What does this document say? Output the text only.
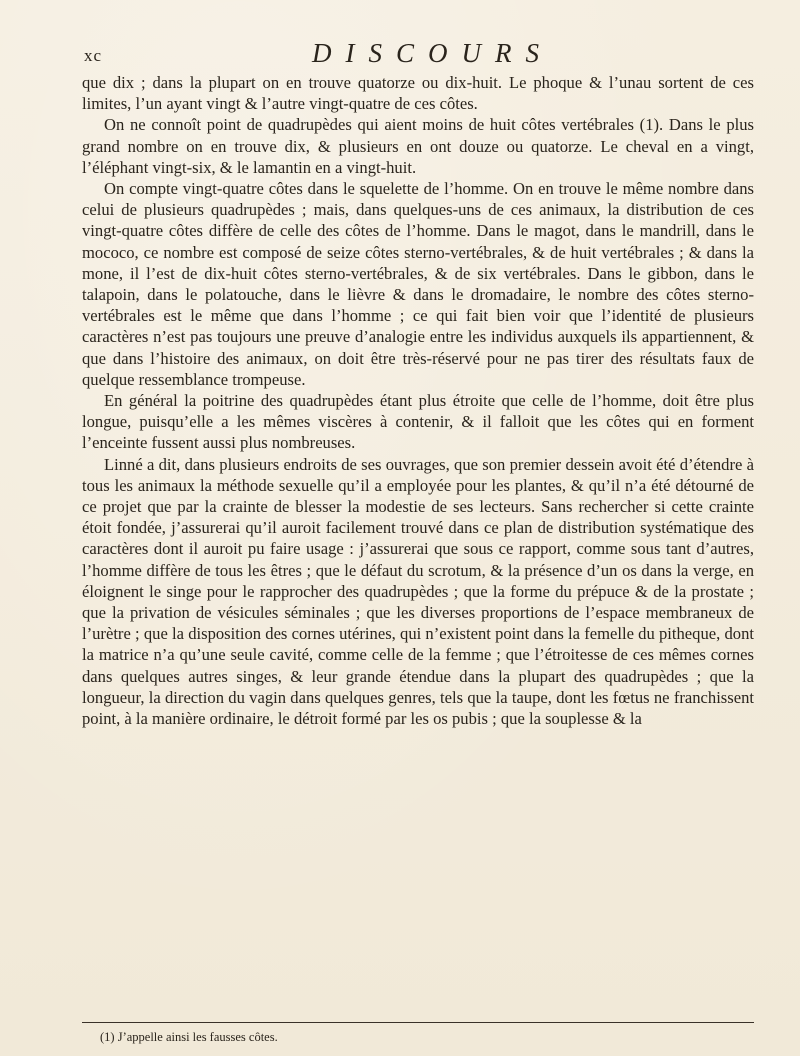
xc	DISCOURS

que dix ; dans la plupart on en trouve quatorze ou dix-huit. Le phoque & l’unau sortent de ces limites, l’un ayant vingt & l’autre vingt-quatre de ces côtes.

On ne connoît point de quadrupèdes qui aient moins de huit côtes vertébrales (1). Dans le plus grand nombre on en trouve dix, & plusieurs en ont douze ou quatorze. Le cheval en a vingt, l’éléphant vingt-six, & le lamantin en a vingt-huit.

On compte vingt-quatre côtes dans le squelette de l’homme. On en trouve le même nombre dans celui de plusieurs quadrupèdes ; mais, dans quelques-uns de ces animaux, la distribution de ces vingt-quatre côtes diffère de celle des côtes de l’homme. Dans le magot, dans le mandrill, dans le mococo, ce nombre est composé de seize côtes sterno-vertébrales, & de huit vertébrales ; & dans la mone, il l’est de dix-huit côtes sterno-vertébrales, & de six vertébrales. Dans le gibbon, dans le talapoin, dans le polatouche, dans le lièvre & dans le dromadaire, le nombre des côtes sterno-vertébrales est le même que dans l’homme ; ce qui fait bien voir que l’identité de plusieurs caractères n’est pas toujours une preuve d’analogie entre les individus auxquels ils appartiennent, & que dans l’histoire des animaux, on doit être très-réservé pour ne pas tirer des résultats faux de quelque ressemblance trompeuse.

En général la poitrine des quadrupèdes étant plus étroite que celle de l’homme, doit être plus longue, puisqu’elle a les mêmes viscères à contenir, & il falloit que les côtes qui en forment l’enceinte fussent aussi plus nombreuses.

Linné a dit, dans plusieurs endroits de ses ouvrages, que son premier dessein avoit été d’étendre à tous les animaux la méthode sexuelle qu’il a employée pour les plantes, & qu’il n’a été détourné de ce projet que par la crainte de blesser la modestie de ses lecteurs. Sans rechercher si cette crainte étoit fondée, j’assurerai qu’il auroit facilement trouvé dans ce plan de distribution systématique des caractères dont il auroit pu faire usage : j’assurerai que sous ce rapport, comme sous tant d’autres, l’homme diffère de tous les êtres ; que le défaut du scrotum, & la présence d’un os dans la verge, en éloignent le singe pour le rapprocher des quadrupèdes ; que la forme du prépuce & de la prostate ; que la privation de vésicules séminales ; que les diverses proportions de l’espace membraneux de l’urètre ; que la disposition des cornes utérines, qui n’existent point dans la femelle du pitheque, dont la matrice n’a qu’une seule cavité, comme celle de la femme ; que l’étroitesse de ces mêmes cornes dans quelques autres singes, & leur grande étendue dans la plupart des quadrupèdes ; que la longueur, la direction du vagin dans quelques genres, tels que la taupe, dont les fœtus ne franchissent point, à la manière ordinaire, le détroit formé par les os pubis ; que la souplesse & la

(1) J’appelle ainsi les fausses côtes.
